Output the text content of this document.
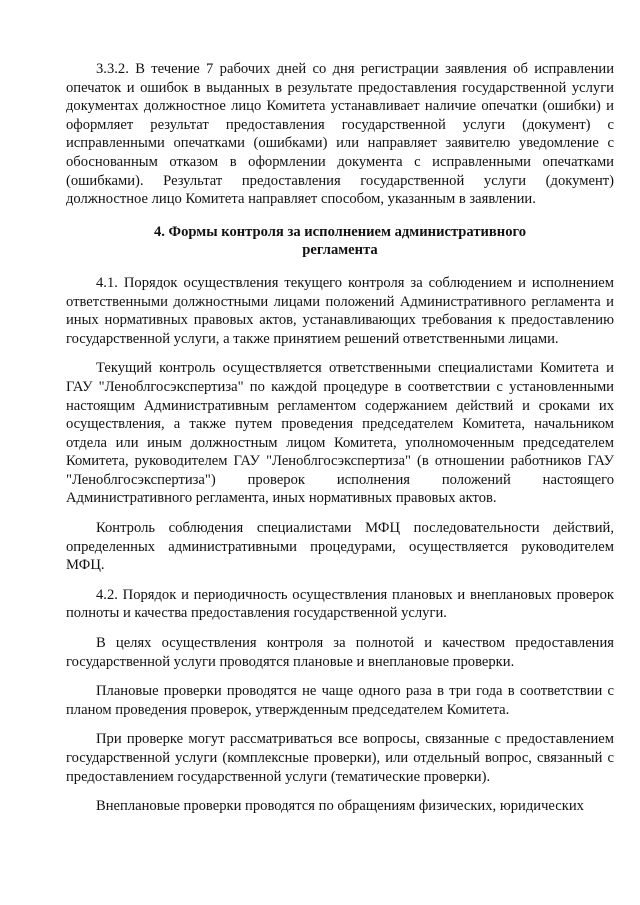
3.3.2. В течение 7 рабочих дней со дня регистрации заявления об исправлении опечаток и ошибок в выданных в результате предоставления государственной услуги документах должностное лицо Комитета устанавливает наличие опечатки (ошибки) и оформляет результат предоставления государственной услуги (документ) с исправленными опечатками (ошибками) или направляет заявителю уведомление с обоснованным отказом в оформлении документа с исправленными опечатками (ошибками). Результат предоставления государственной услуги (документ) должностное лицо Комитета направляет способом, указанным в заявлении.

4. Формы контроля за исполнением административного
регламента

4.1. Порядок осуществления текущего контроля за соблюдением и исполнением ответственными должностными лицами положений Административного регламента и иных нормативных правовых актов, устанавливающих требования к предоставлению государственной услуги, а также принятием решений ответственными лицами.

Текущий контроль осуществляется ответственными специалистами Комитета и ГАУ "Леноблгосэкспертиза" по каждой процедуре в соответствии с установленными настоящим Административным регламентом содержанием действий и сроками их осуществления, а также путем проведения председателем Комитета, начальником отдела или иным должностным лицом Комитета, уполномоченным председателем Комитета, руководителем ГАУ "Леноблгосэкспертиза" (в отношении работников ГАУ "Леноблгосэкспертиза") проверок исполнения положений настоящего Административного регламента, иных нормативных правовых актов.

Контроль соблюдения специалистами МФЦ последовательности действий, определенных административными процедурами, осуществляется руководителем МФЦ.

4.2. Порядок и периодичность осуществления плановых и внеплановых проверок полноты и качества предоставления государственной услуги.

В целях осуществления контроля за полнотой и качеством предоставления государственной услуги проводятся плановые и внеплановые проверки.

Плановые проверки проводятся не чаще одного раза в три года в соответствии с планом проведения проверок, утвержденным председателем Комитета.

При проверке могут рассматриваться все вопросы, связанные с предоставлением государственной услуги (комплексные проверки), или отдельный вопрос, связанный с предоставлением государственной услуги (тематические проверки).

Внеплановые проверки проводятся по обращениям физических, юридических
